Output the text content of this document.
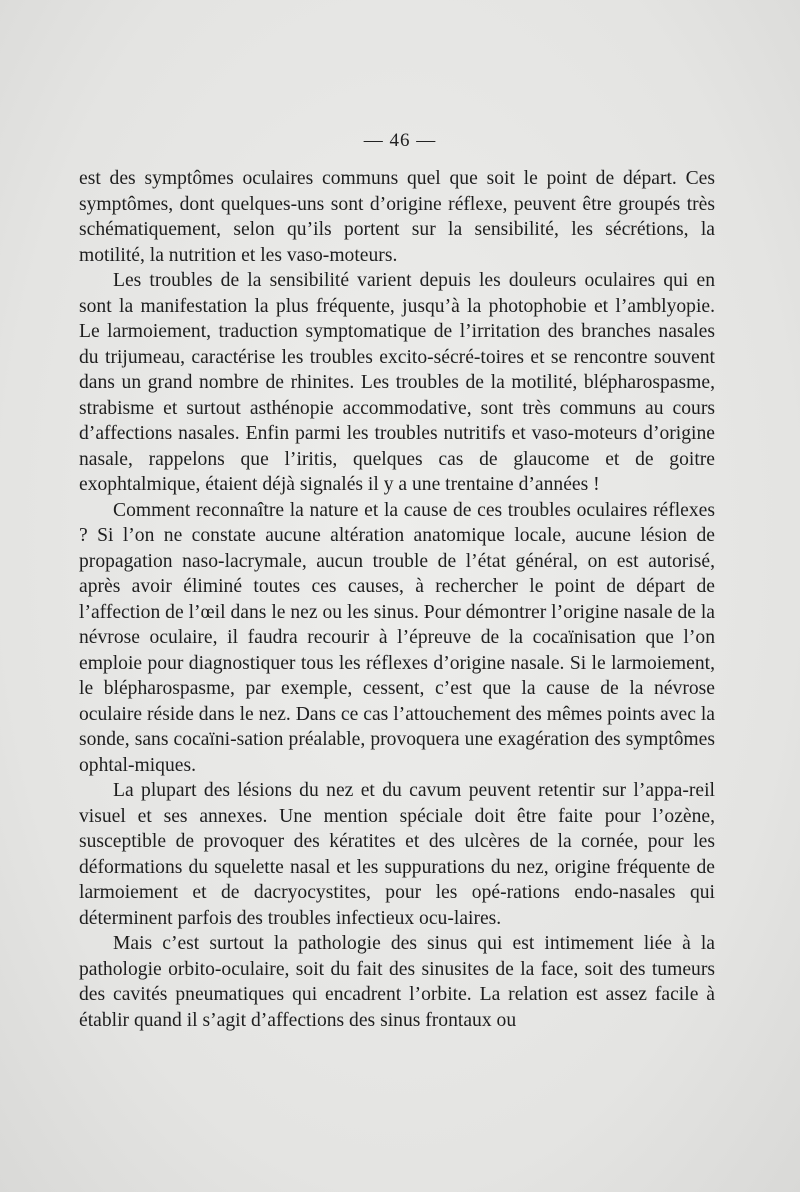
— 46 —

est des symptômes oculaires communs quel que soit le point de départ. Ces symptômes, dont quelques-uns sont d’origine réflexe, peuvent être groupés très schématiquement, selon qu’ils portent sur la sensibilité, les sécrétions, la motilité, la nutrition et les vaso-moteurs.

Les troubles de la sensibilité varient depuis les douleurs oculaires qui en sont la manifestation la plus fréquente, jusqu’à la photophobie et l’amblyopie. Le larmoiement, traduction symptomatique de l’irritation des branches nasales du trijumeau, caractérise les troubles excito-sécré-toires et se rencontre souvent dans un grand nombre de rhinites. Les troubles de la motilité, blépharospasme, strabisme et surtout asthénopie accommodative, sont très communs au cours d’affections nasales. Enfin parmi les troubles nutritifs et vaso-moteurs d’origine nasale, rappelons que l’iritis, quelques cas de glaucome et de goitre exophtalmique, étaient déjà signalés il y a une trentaine d’années !

Comment reconnaître la nature et la cause de ces troubles oculaires réflexes ? Si l’on ne constate aucune altération anatomique locale, aucune lésion de propagation naso-lacrymale, aucun trouble de l’état général, on est autorisé, après avoir éliminé toutes ces causes, à rechercher le point de départ de l’affection de l’œil dans le nez ou les sinus. Pour démontrer l’origine nasale de la névrose oculaire, il faudra recourir à l’épreuve de la cocaïnisation que l’on emploie pour diagnostiquer tous les réflexes d’origine nasale. Si le larmoiement, le blépharospasme, par exemple, cessent, c’est que la cause de la névrose oculaire réside dans le nez. Dans ce cas l’attouchement des mêmes points avec la sonde, sans cocaïni-sation préalable, provoquera une exagération des symptômes ophtal-miques.

La plupart des lésions du nez et du cavum peuvent retentir sur l’appa-reil visuel et ses annexes. Une mention spéciale doit être faite pour l’ozène, susceptible de provoquer des kératites et des ulcères de la cornée, pour les déformations du squelette nasal et les suppurations du nez, origine fréquente de larmoiement et de dacryocystites, pour les opé-rations endo-nasales qui déterminent parfois des troubles infectieux ocu-laires.

Mais c’est surtout la pathologie des sinus qui est intimement liée à la pathologie orbito-oculaire, soit du fait des sinusites de la face, soit des tumeurs des cavités pneumatiques qui encadrent l’orbite. La relation est assez facile à établir quand il s’agit d’affections des sinus frontaux ou
